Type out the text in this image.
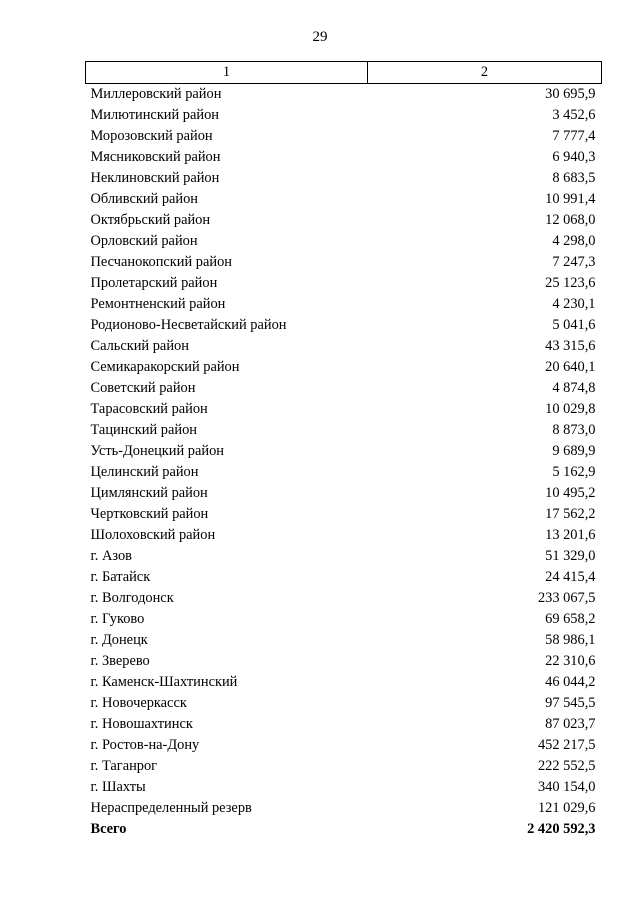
29
1	2
Миллеровский район	30 695,9
Милютинский район	3 452,6
Морозовский район	7 777,4
Мясниковский район	6 940,3
Неклиновский район	8 683,5
Обливский район	10 991,4
Октябрьский район	12 068,0
Орловский район	4 298,0
Песчанокопский район	7 247,3
Пролетарский район	25 123,6
Ремонтненский район	4 230,1
Родионово-Несветайский район	5 041,6
Сальский район	43 315,6
Семикаракорский район	20 640,1
Советский район	4 874,8
Тарасовский район	10 029,8
Тацинский район	8 873,0
Усть-Донецкий район	9 689,9
Целинский район	5 162,9
Цимлянский район	10 495,2
Чертковский район	17 562,2
Шолоховский район	13 201,6
г. Азов	51 329,0
г. Батайск	24 415,4
г. Волгодонск	233 067,5
г. Гуково	69 658,2
г. Донецк	58 986,1
г. Зверево	22 310,6
г. Каменск-Шахтинский	46 044,2
г. Новочеркасск	97 545,5
г. Новошахтинск	87 023,7
г. Ростов-на-Дону	452 217,5
г. Таганрог	222 552,5
г. Шахты	340 154,0
Нераспределенный резерв	121 029,6
Всего	2 420 592,3
